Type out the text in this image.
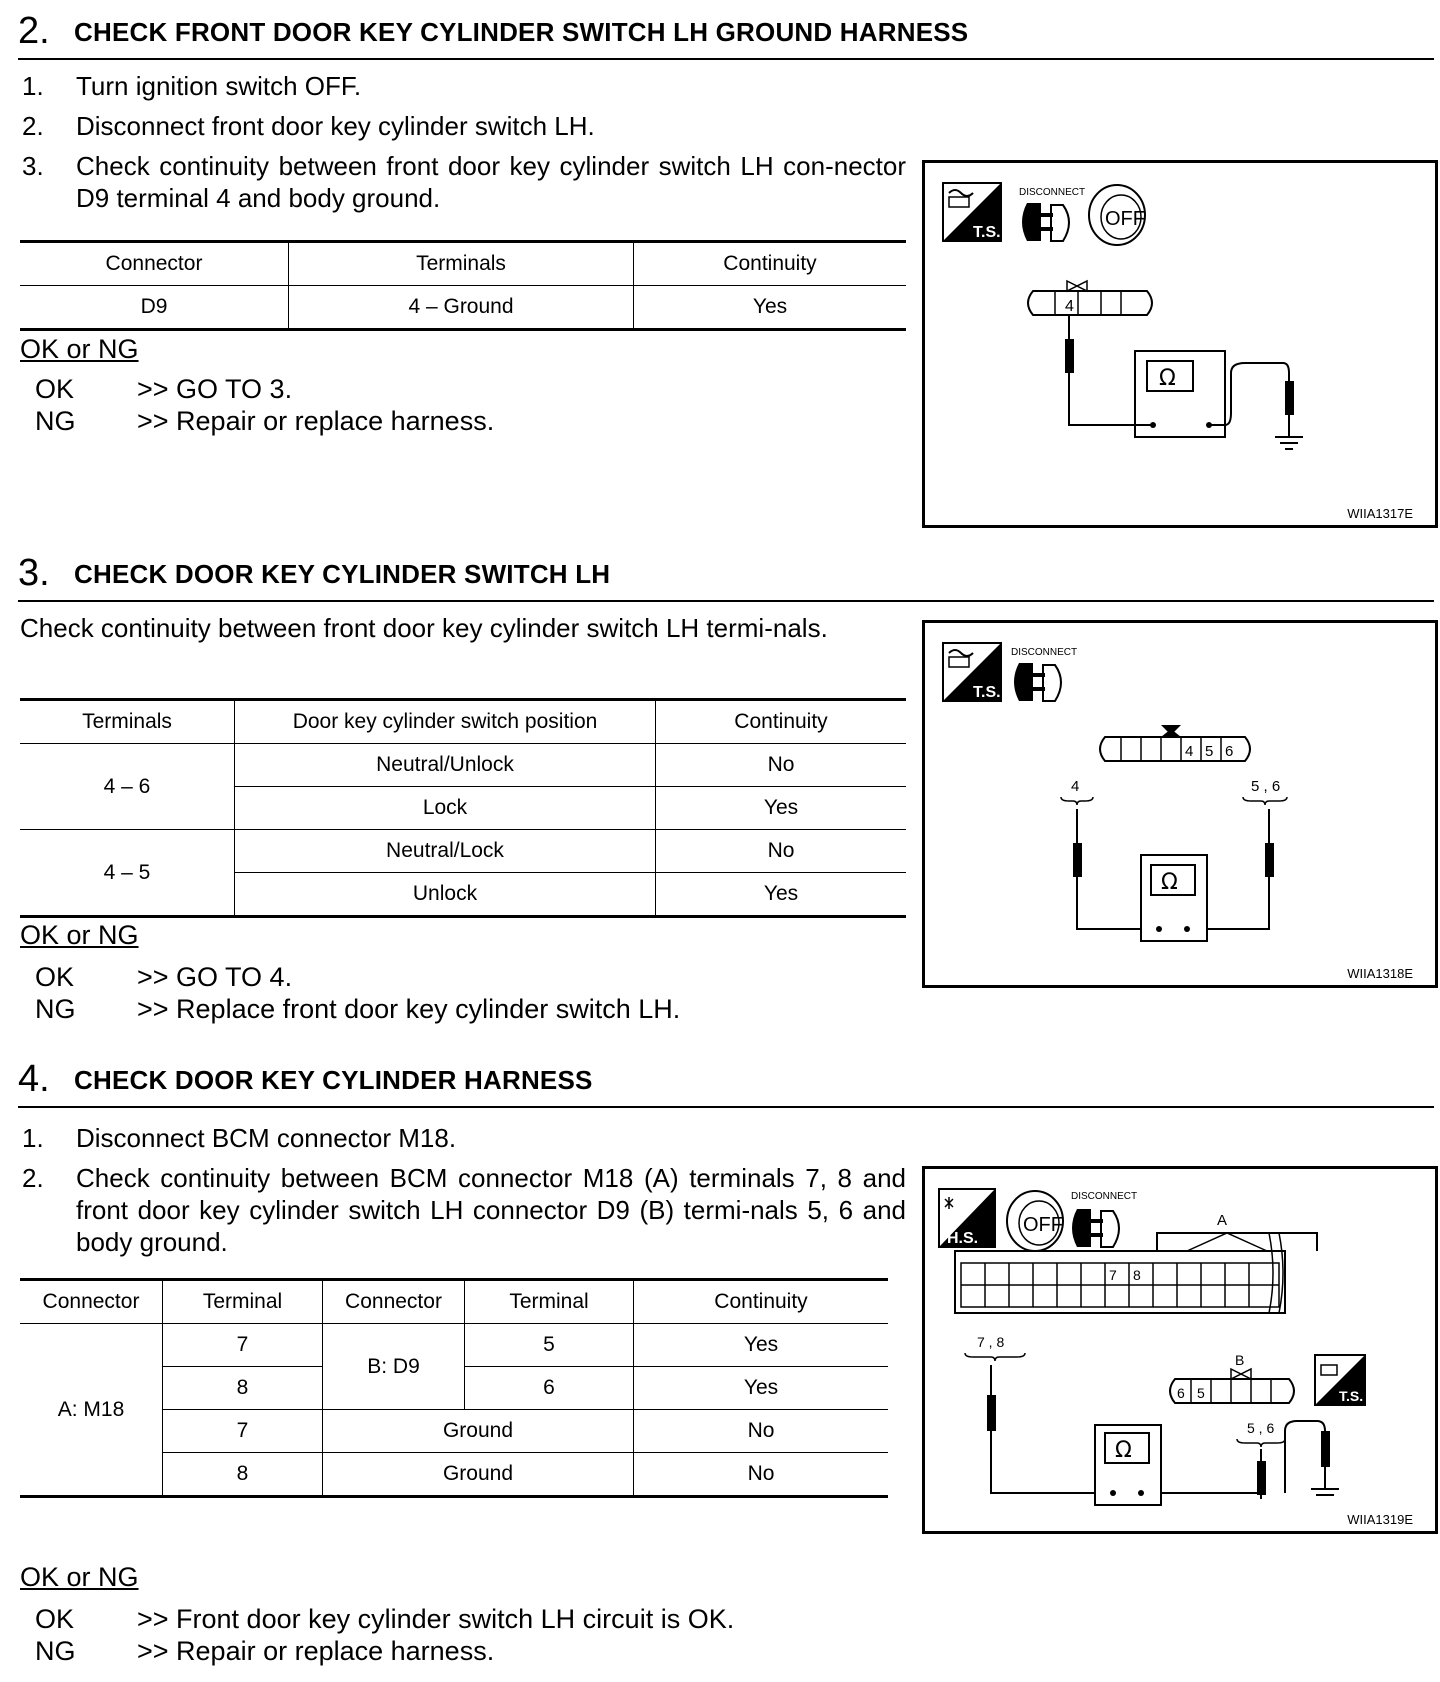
2. CHECK FRONT DOOR KEY CYLINDER SWITCH LH GROUND HARNESS
1.	Turn ignition switch OFF.
2.	Disconnect front door key cylinder switch LH.
3.	Check continuity between front door key cylinder switch LH con-nector D9 terminal 4 and body ground.
Connector	Terminals	Continuity
D9	4 – Ground	Yes
OK or NG
OK >> GO TO 3.
NG >> Repair or replace harness.
T.S.
DISCONNECT
OFF
4
Ω
WIIA1317E
3. CHECK DOOR KEY CYLINDER SWITCH LH
Check continuity between front door key cylinder switch LH termi-nals.
Terminals	Door key cylinder switch position	Continuity
4 – 6	Neutral/Unlock	No
	Lock	Yes
4 – 5	Neutral/Lock	No
	Unlock	Yes
OK or NG
OK >> GO TO 4.
NG >> Replace front door key cylinder switch LH.
T.S.
DISCONNECT
4 5 6
4	5 , 6
Ω
WIIA1318E
4. CHECK DOOR KEY CYLINDER HARNESS
1.	Disconnect BCM connector M18.
2.	Check continuity between BCM connector M18 (A) terminals 7, 8 and front door key cylinder switch LH connector D9 (B) termi-nals 5, 6 and body ground.
Connector	Terminal	Connector	Terminal	Continuity
A: M18	7	B: D9	5	Yes
	8		6	Yes
	7	Ground		No
	8	Ground		No
OK or NG
OK >> Front door key cylinder switch LH circuit is OK.
NG >> Repair or replace harness.
H.S.
OFF
DISCONNECT
A
7 8
7 , 8
B
6 5	T.S.
5 , 6
Ω
WIIA1319E
